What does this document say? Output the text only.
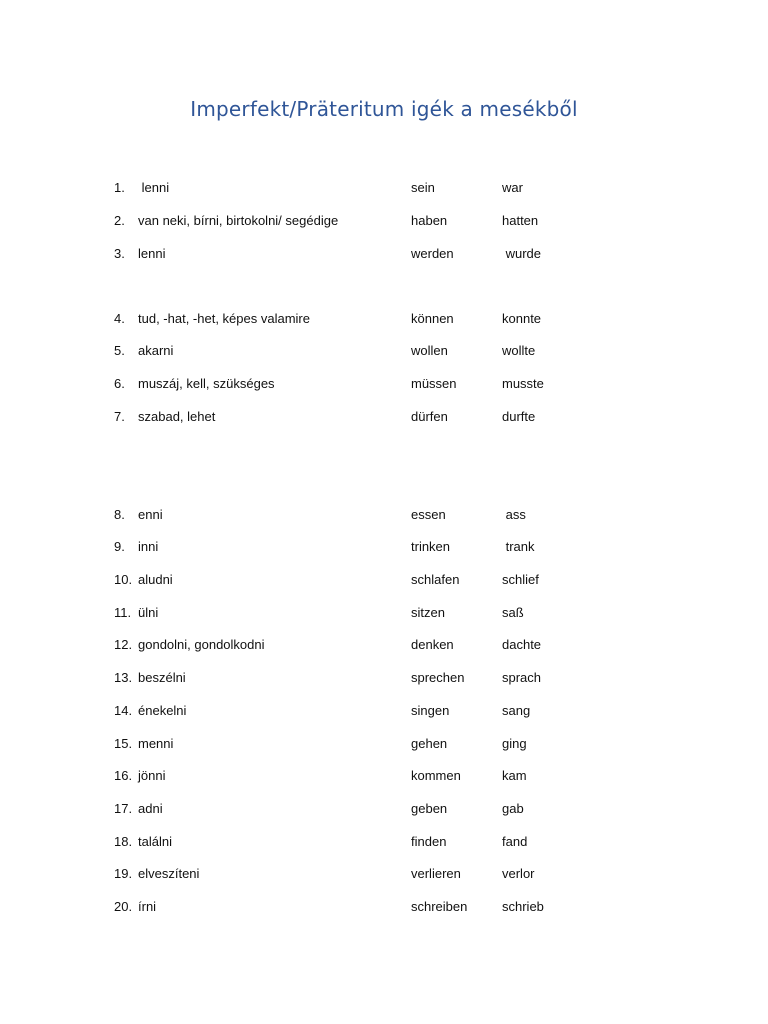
Imperfekt/Präteritum igék a mesékből
1. lenni	sein	war
2. van neki, bírni, birtokolni/ segédige	haben	hatten
3. lenni	werden	wurde
4. tud, -hat, -het, képes valamire	können	konnte
5. akarni	wollen	wollte
6. muszáj, kell, szükséges	müssen	musste
7. szabad, lehet	dürfen	durfte
8. enni	essen	ass
9. inni	trinken	trank
10. aludni	schlafen	schlief
11. ülni	sitzen	saß
12. gondolni, gondolkodni	denken	dachte
13. beszélni	sprechen	sprach
14. énekelni	singen	sang
15. menni	gehen	ging
16. jönni	kommen	kam
17. adni	geben	gab
18. találni	finden	fand
19. elveszíteni	verlieren	verlor
20. írni	schreiben	schrieb
